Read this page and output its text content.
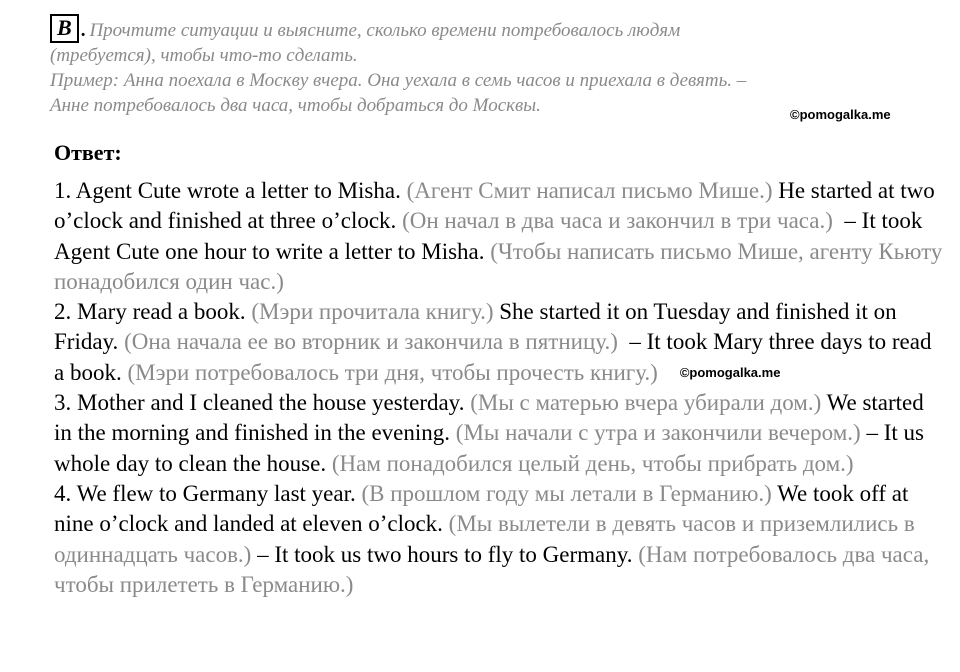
B . Прочтите ситуации и выясните, сколько времени потребовалось людям
(требуется), чтобы что-то сделать.
Пример: Анна поехала в Москву вчера. Она уехала в семь часов и приехала в девять. –
Анне потребовалось два часа, чтобы добраться до Москвы.	©pomogalka.me
Ответ:

1. Agent Cute wrote a letter to Misha. (Агент Смит написал письмо Мише.) He started at two o’clock and finished at three o’clock. (Он начал в два часа и закончил в три часа.) – It took Agent Cute one hour to write a letter to Misha. (Чтобы написать письмо Мише, агенту Кьюту понадобился один час.)

2. Mary read a book. (Мэри прочитала книгу.) She started it on Tuesday and finished it on Friday. (Она начала ее во вторник и закончила в пятницу.) – It took Mary three days to read a book. (Мэри потребовалось три дня, чтобы прочесть книгу.) ©pomogalka.me

3. Mother and I cleaned the house yesterday. (Мы с матерью вчера убирали дом.) We started in the morning and finished in the evening. (Мы начали с утра и закончили вечером.) – It us whole day to clean the house. (Нам понадобился целый день, чтобы прибрать дом.)

4. We flew to Germany last year. (В прошлом году мы летали в Германию.) We took off at nine o’clock and landed at eleven o’clock. (Мы вылетели в девять часов и приземлились в одиннадцать часов.) – It took us two hours to fly to Germany. (Нам потребовалось два часа, чтобы прилететь в Германию.)
